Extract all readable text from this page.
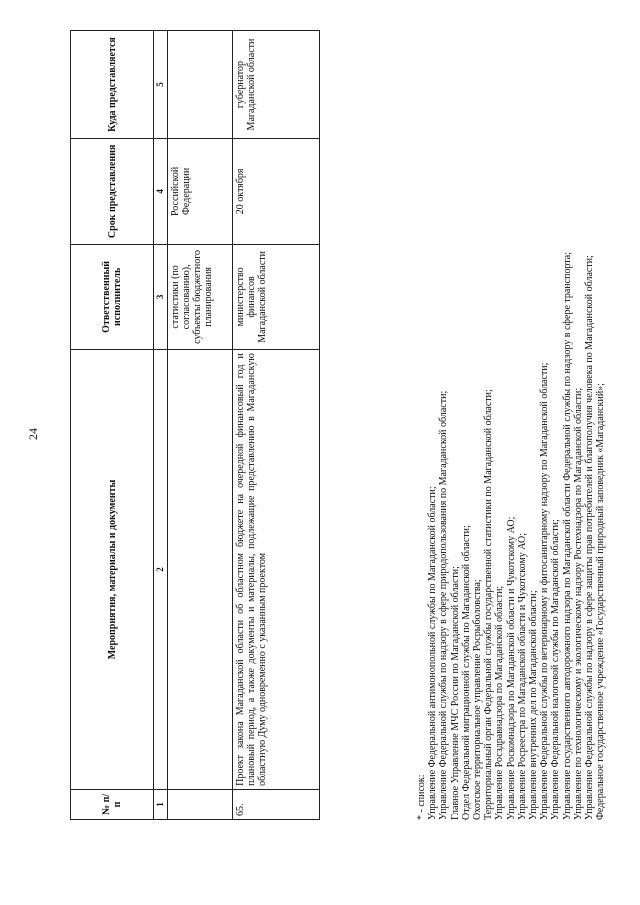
24
№ п/п	Мероприятия, материалы и документы	Ответственный исполнитель	Срок представления	Куда представляется
1	2	3	4	5
		статистики (по согласованию), субъекты бюджетного планирования	Российской Федерации	
65.	Проект закона Магаданской области об областном бюджете на очередной финансовый год и плановый период, а также документы и материалы, подлежащие представлению в Магаданскую областную Думу одновременно с указанным проектом	министерство финансов Магаданской области	20 октября	губернатор Магаданской области
* - список: Управление Федеральной антимонопольной службы по Магаданской области; Управление Федеральной службы по надзору в сфере природопользования по Магаданской области; Главное Управление МЧС России по Магаданской области; Отдел Федеральной миграционной службы по Магаданской области; Охотское территориальное управление Росрыболовства; Территориальный орган Федеральной службы государственной статистики по Магаданской области; Управление Росздравнадзора по Магаданской области; Управление Роскомнадзора по Магаданской области и Чукотскому АО; Управление Росреестра по Магаданской области и Чукотскому АО; Управление внутренних дел по Магаданской области; Управление Федеральной службы по ветеринарному и фитосанитарному надзору по Магаданской области; Управление Федеральной налоговой службы по Магаданской области; Управление государственного автодорожного надзора по Магаданской области Федеральной службы по надзору в сфере транспорта; Управление по технологическому и экологическому надзору Ростехнадзора по Магаданской области; Управление Федеральной службы по надзору в сфере защиты прав потребителей и благополучия человека по Магаданской области; Федеральное государственное учреждение «Государственный природный заповедник «Магаданский»;
